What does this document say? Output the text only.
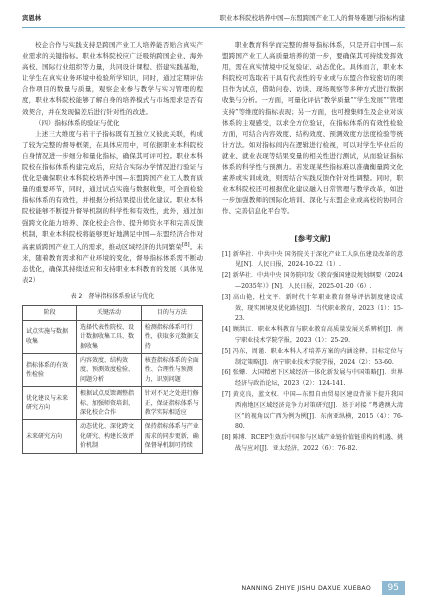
宾恩林	职业本科院校培养中国—东盟跨国产业工人的督导难题与指标构建

校企合作与实践支持是跨国产业工人培养能否贴合真实产业需求的关键指标。职业本科院校应广泛吸纳跨国企业、海外高校、国际行业组织等力量，共同设计课程、搭建实践基地，让学生在真实业务环境中检验所学知识，同时，通过定期评估合作项目的数量与质量，观察企业参与教学与实习管理的程度，职业本科院校能够了解自身的培养模式与市场需求是否有效契合，并在发现偏差后进行针对性的改进。

（四）指标体系的验证与优化

上述三大维度与若干子指标既有互独立又彼此关联，构成了较为完整的督导框架，在具体应用中，可依据职业本科院校自身情况进一步细分和量化指标，确保其可评可控。职业本科院校在指标体系构建完成后，应结合实际办学情况进行验证与优化是确保职业本科院校培养中国—东盟跨国产业工人教育质量的重要环节，同时，通过试点实施与数据收集，可全面检验指标体系的有效性，并根据分析结果提出优化建议。职业本科院校能够不断提升督导机制的科学性和有效性，此外，通过加强跨文化能力培养、深化校企合作、提升师资水平和完善反馈机制，职业本科院校将能够更好地满足中国—东盟经济合作对高素质跨国产业工人的需求，推动区域经济的共同繁荣[8]。未来，随着教育需求和产业环境的变化，督导指标体系需不断动态优化，确保其持续适应和支持职业本科教育的发展（具体见表2）

表 2　督导指标体系验证与优化
阶段	关键活动	目的与方法
试点实施与数据收集	选择代表性院校、设计数据收集工具、数据收集	检测指标体系可行性，获取多元数据支持
指标体系的有效性检验	内容效度、结构效度、预测效度检验、问题分析	核查指标体系的全面性、合理性与预测力，识别问题
优化建议与未来研究方向	根据试点反馈调整指标、加强师资培训、深化校企合作	针对不足之处进行修正，保证指标体系与教学实际相适应
未来研究方向	动态优化、深化跨文化研究、构建长效评价机制	保持指标体系与产业需求的同步更新，确保督导机制可持续

职业教育科学而完整的督导指标体系，只是开启中国—东盟跨国产业工人高质量培养的第一步，要确保其可持续发挥效用，需在真实情境中反复验证、动态优化。具体而言，职业本科院校可选取若干具有代表性的专业或与东盟合作较密切的项目作为试点，借助问卷、访谈、现场观察等多种方式进行数据收集与分析。一方面，可量化评估“教学质量”“学生发展”“管理支持”等维度的指标表现；另一方面，也可搜集师生及企业对该体系的主观感受，以求全方位验证，在指标体系的有效性检验方面，可结合内容效度、结构效度、预测效度方法度检验等统计方法。如对指标间内在逻辑进行检视，可以对学生毕业后的就业、就业表现等结果变量的相关性进行测试，从而验证指标体系的科学性与预测力。若发现某些指标难以准确衡量跨文化素养或实训成效，则需结合实践反馈作针对性调整。同时，职业本科院校还可根据优化建议融入日常管理与教学改革，如进一步加强教师的国际化培训、深化与东盟企业或高校的协同合作、完善信息化平台等。

[参考文献]

[1] 新华社．中共中央 国务院关于深化产业工人队伍建设改革的意见[N]．人民日报，2024-10-22（1）.

[2] 新华社．中共中央 国务院印发《教育强国建设规划纲要（2024—2035年）》[N]．人民日报，2025-01-20（6）.

[3] 高山艳，杜文平．新时代十年职业教育督导评估制度建设成效、现实困境及优化路径[J]．当代职业教育，2023（1）：15-23.

[4] 顾洪江．职业本科教育与职业教育高质量发展关系辨析[J]．南宁职业技术学院学报，2023（1）：25-29.

[5] 冯东，周谨．职业本科人才培养方案的内涵诠释、目标定位与制定策略[J]．南宁职业技术学院学报，2024（2）：53-60.

[6] 张姗．大国精密下区域经济一体化新发展与中国策略[J]．世界经济与政治论坛，2023（2）：124-141.

[7] 黄克良，蓝文权．中国—东盟自由贸易区建设背景下提升我国西南地区区域经济竞争力对策研究[J]．基于对接 “粤港澳大湾区”的视角以广西为例为例[J]．东南亚纵横，2015（4）：76-80.

[8] 陈博．RCEP生效后中国参与区域产业链价值链重构的机遇、挑战与应对[J]．亚太经济，2022（6）：76-82.

NANNING ZHIYE JISHU DAXUE XUEBAO	95
